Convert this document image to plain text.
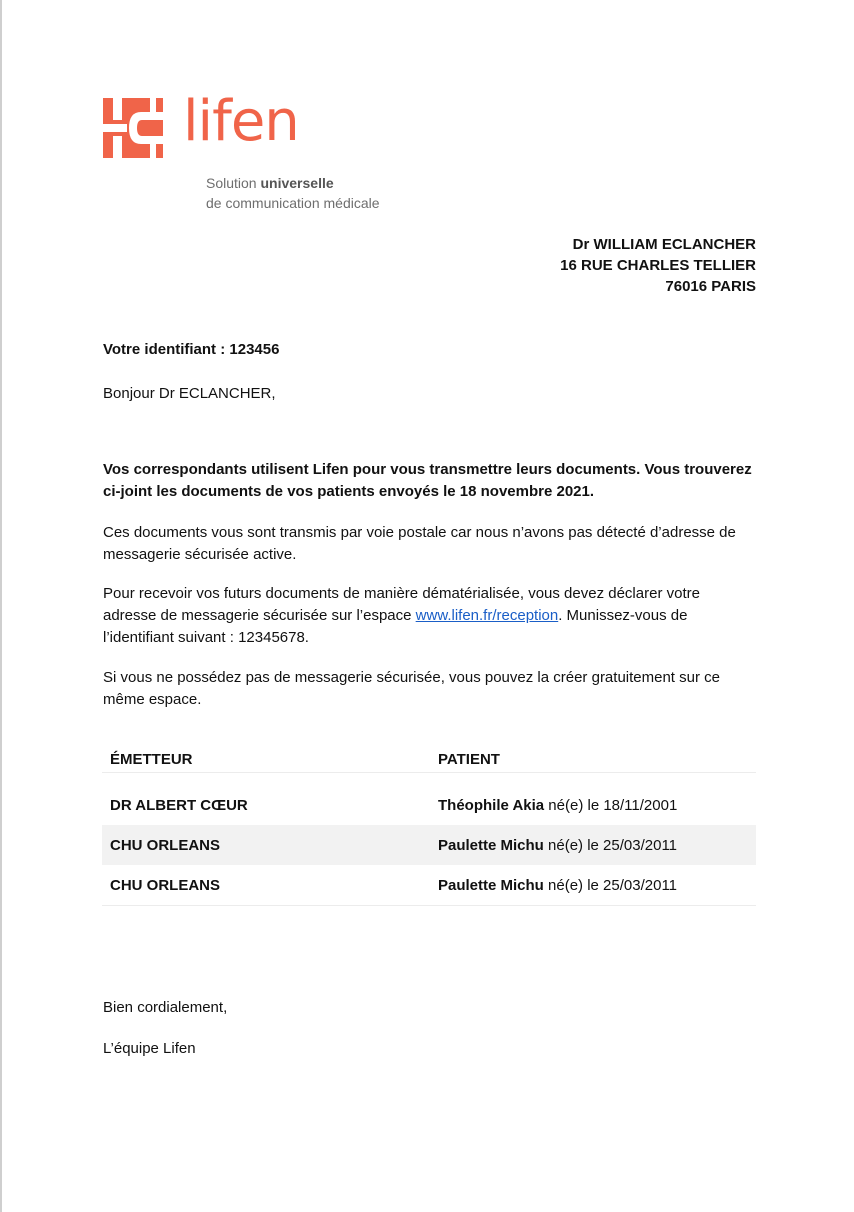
lifen
Solution universelle
de communication médicale
Dr WILLIAM ECLANCHER
16 RUE CHARLES TELLIER
76016 PARIS
Votre identifiant : 123456
Bonjour Dr ECLANCHER,
Vos correspondants utilisent Lifen pour vous transmettre leurs documents. Vous trouverez ci-joint les documents de vos patients envoyés le 18 novembre 2021.
Ces documents vous sont transmis par voie postale car nous n’avons pas détecté d’adresse de messagerie sécurisée active.
Pour recevoir vos futurs documents de manière dématérialisée, vous devez déclarer votre adresse de messagerie sécurisée sur l’espace www.lifen.fr/reception. Munissez-vous de l’identifiant suivant : 12345678.
Si vous ne possédez pas de messagerie sécurisée, vous pouvez la créer gratuitement sur ce même espace.
ÉMETTEUR	PATIENT

DR ALBERT CŒUR	Théophile Akia né(e) le 18/11/2001
CHU ORLEANS	Paulette Michu né(e) le 25/03/2011
CHU ORLEANS	Paulette Michu né(e) le 25/03/2011
Bien cordialement,
L’équipe Lifen
